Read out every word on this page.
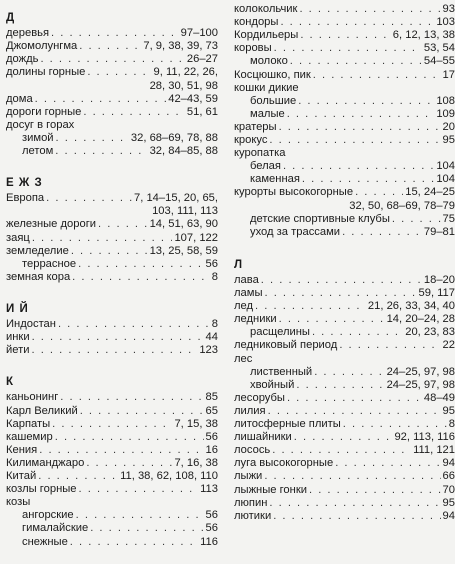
Д
деревья . . .	97–100
Джомолунгма . . .	7, 9, 38, 39, 73
дождь . . .	26–27
долины горные . . .	9, 11, 22, 26,
28, 30, 51, 98
дома . . .	42–43, 59
дороги горные . . .	51, 61
досуг в горах
зимой . . .	32, 68–69, 78, 88
летом . . .	32, 84–85, 88
Е Ж З
Европа . . .	7, 14–15, 20, 65,
103, 111, 113
железные дороги . . .	14, 51, 63, 90
заяц . . .	107, 122
земледелие . . .	13, 25, 58, 59
террасное . . .	56
земная кора . . .	8
И Й
Индостан . . .	8
инки . . .	44
йети . . .	123
К
каньонинг . . .	85
Карл Великий . . .	65
Карпаты . . .	7, 15, 38
кашемир . . .	56
Кения . . .	16
Килиманджаро . . .	7, 16, 38
Китай . . .	11, 38, 62, 108, 110
козлы горные . . .	113
козы
ангорские . . .	56
гималайские . . .	56
снежные . . .	116
колокольчик . . .	93
кондоры . . .	103
Кордильеры . . .	6, 12, 13, 38
коровы . . .	53, 54
молоко . . .	54–55
Косцюшко, пик . . .	17
кошки дикие
большие . . .	108
малые . . .	109
кратеры . . .	20
крокус . . .	95
куропатка
белая . . .	104
каменная . . .	104
курорты высокогорные . . .	15, 24–25
32, 50, 68–69, 78–79
детские спортивные клубы . . .	75
уход за трассами . . .	79–81
Л
лава . . .	18–20
ламы . . .	59, 117
лед . . .	21, 26, 33, 34, 40
ледники . . .	14, 20–24, 28
расщелины . . .	20, 23, 83
ледниковый период . . .	22
лес
лиственный . . .	24–25, 97, 98
хвойный . . .	24–25, 97, 98
лесорубы . . .	48–49
лилия . . .	95
литосферные плиты . . .	8
лишайники . . .	92, 113, 116
лосось . . .	111, 121
луга высокогорные . . .	94
лыжи . . .	66
лыжные гонки . . .	70
люпин . . .	95
лютики . . .	94
